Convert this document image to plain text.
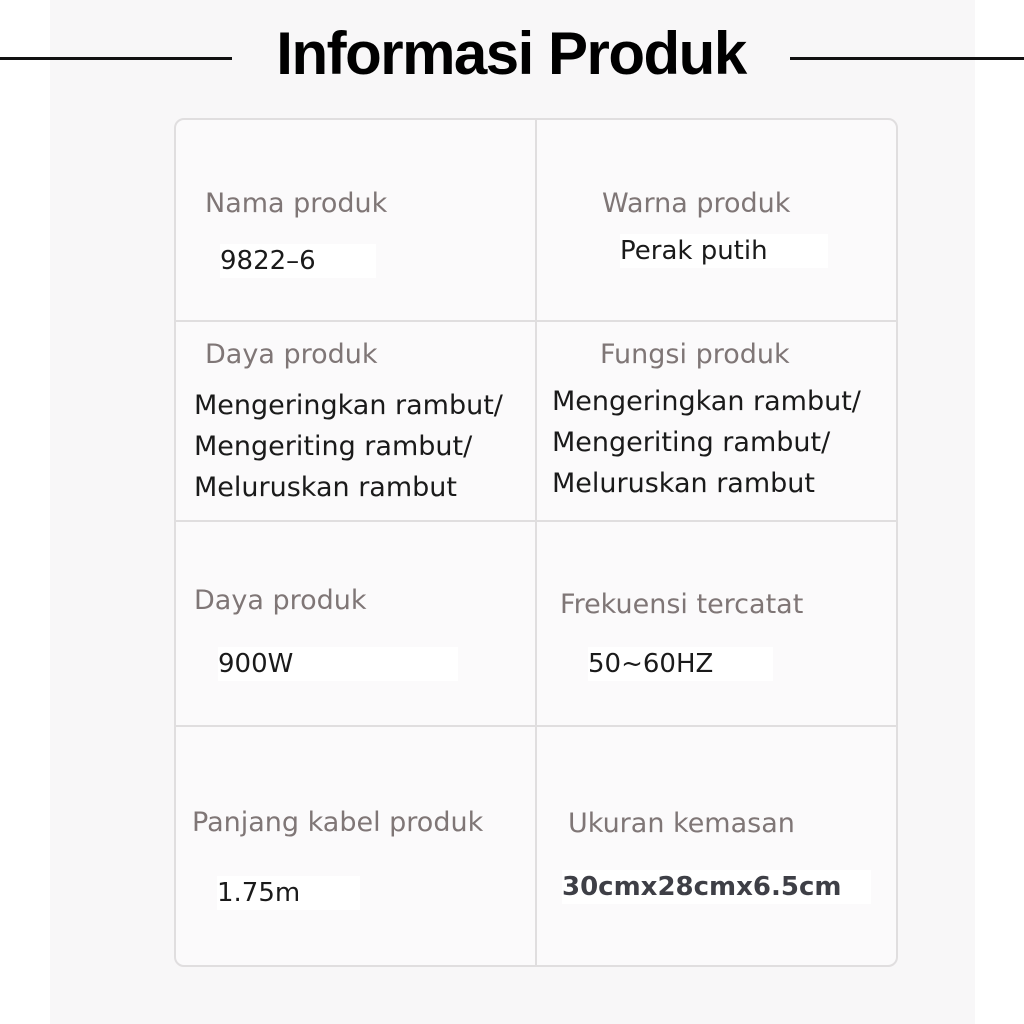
Informasi Produk
Nama produk
9822–6
Warna produk
Perak putih
Daya produk
Mengeringkan rambut/
Mengeriting rambut/
Meluruskan rambut
Fungsi produk
Mengeringkan rambut/
Mengeriting rambut/
Meluruskan rambut
Daya produk
900W
Frekuensi tercatat
50~60HZ
Panjang kabel produk
1.75m
Ukuran kemasan
30cmx28cmx6.5cm
